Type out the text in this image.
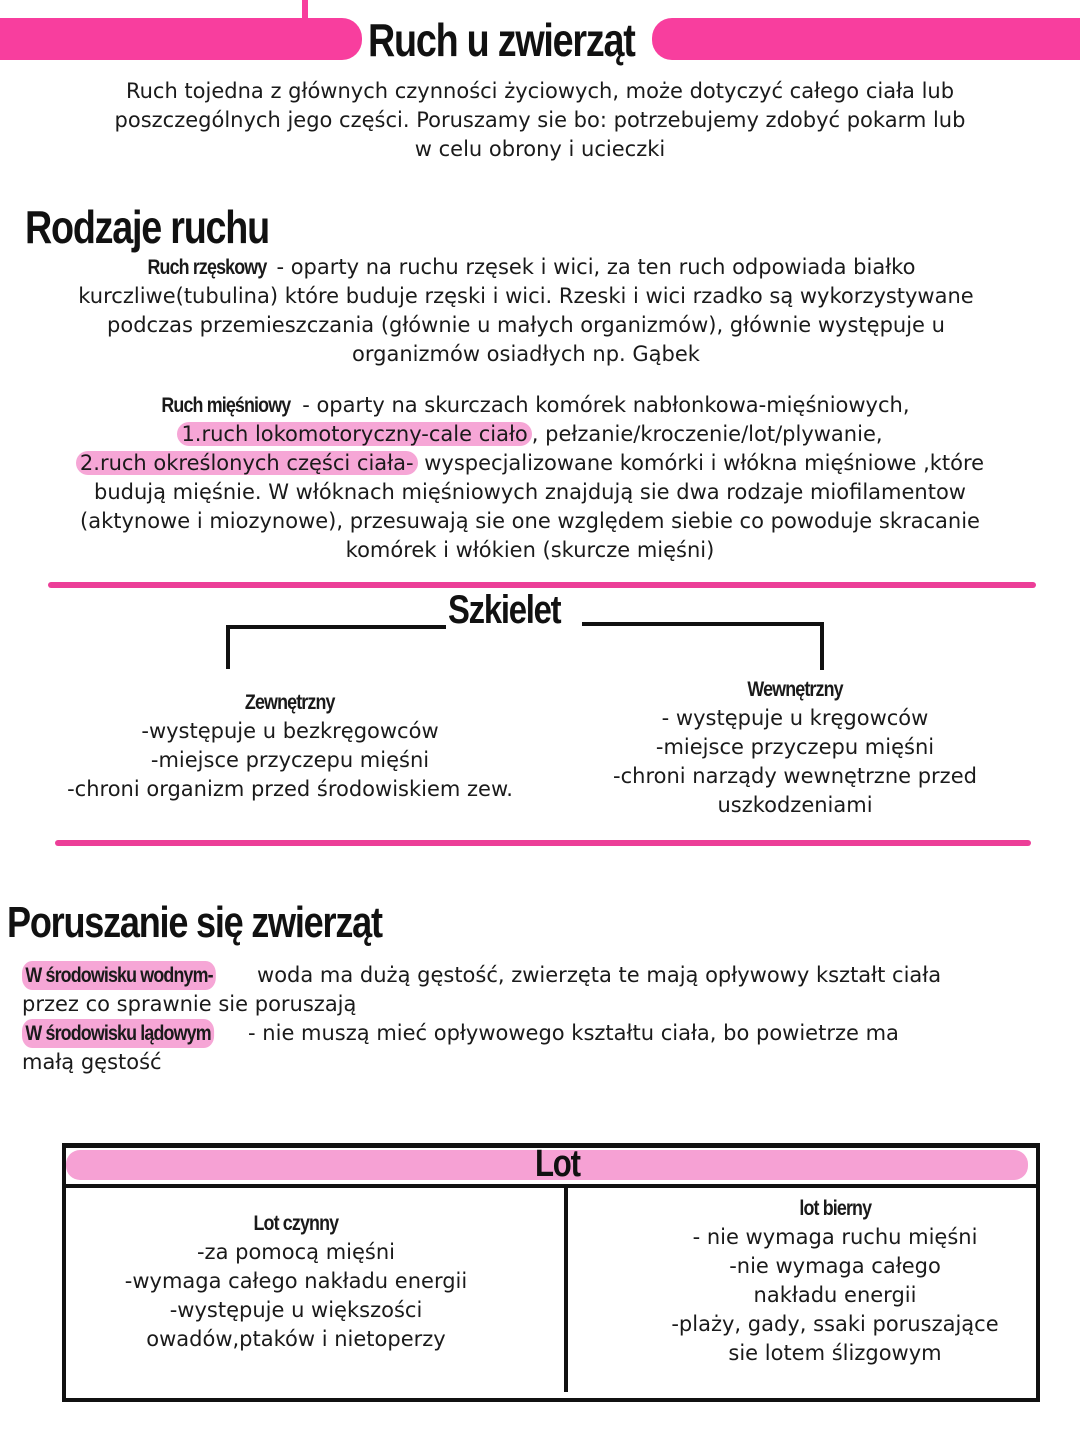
Ruch u zwierząt
Ruch tojedna z głównych czynności życiowych, może dotyczyć całego ciała lub
poszczególnych jego części. Poruszamy sie bo: potrzebujemy zdobyć pokarm lub
w celu obrony i ucieczki
Rodzaje ruchu
Ruch rzęskowy - oparty na ruchu rzęsek i wici, za ten ruch odpowiada białko
kurczliwe(tubulina) które buduje rzęski i wici. Rzeski i wici rzadko są wykorzystywane
podczas przemieszczania (głównie u małych organizmów), głównie występuje u
organizmów osiadłych np. Gąbek
Ruch mięśniowy - oparty na skurczach komórek nabłonkowa-mięśniowych,
1.ruch lokomotoryczny-cale ciało , pełzanie/kroczenie/lot/plywanie,
2.ruch określonych części ciała- wyspecjalizowane komórki i włókna mięśniowe ,które
budują mięśnie. W włóknach mięśniowych znajdują sie dwa rodzaje miofilamentow
(aktynowe i miozynowe), przesuwają sie one względem siebie co powoduje skracanie
komórek i włókien (skurcze mięśni)
Szkielet
Zewnętrzny
-występuje u bezkręgowców
-miejsce przyczepu mięśni
-chroni organizm przed środowiskiem zew.
Wewnętrzny
- występuje u kręgowców
-miejsce przyczepu mięśni
-chroni narządy wewnętrzne przed
uszkodzeniami
Poruszanie się zwierząt
W środowisku wodnym- woda ma dużą gęstość, zwierzęta te mają opływowy kształt ciała
przez co sprawnie sie poruszają
W środowisku lądowym - nie muszą mieć opływowego kształtu ciała, bo powietrze ma
małą gęstość
Lot
Lot czynny
-za pomocą mięśni
-wymaga całego nakładu energii
-występuje u większości
owadów,ptaków i nietoperzy
lot bierny
- nie wymaga ruchu mięśni
-nie wymaga całego
nakładu energii
-plaży, gady, ssaki poruszające
sie lotem ślizgowym
